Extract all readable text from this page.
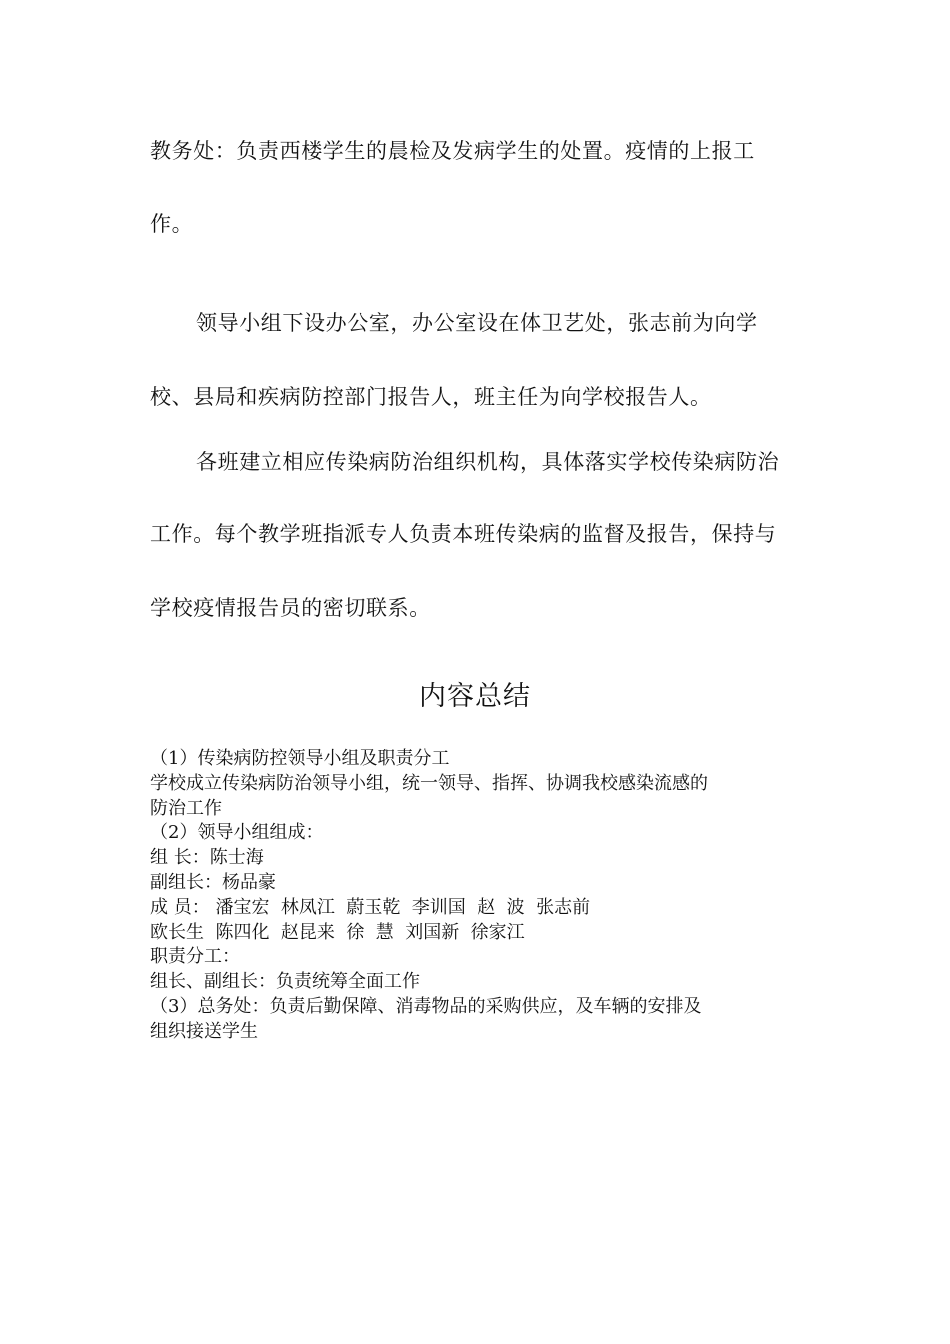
教务处：负责西楼学生的晨检及发病学生的处置。疫情的上报工
作。
领导小组下设办公室，办公室设在体卫艺处，张志前为向学
校、县局和疾病防控部门报告人，班主任为向学校报告人。
各班建立相应传染病防治组织机构，具体落实学校传染病防治
工作。每个教学班指派专人负责本班传染病的监督及报告，保持与
学校疫情报告员的密切联系。
内容总结
（1）传染病防控领导小组及职责分工
学校成立传染病防治领导小组，统一领导、指挥、协调我校感染流感的
防治工作
（2）领导小组组成：
组 长：陈士海
副组长：杨品豪
成 员： 潘宝宏  林凤江  蔚玉乾  李训国  赵  波  张志前
欧长生  陈四化  赵昆来  徐  慧  刘国新  徐家江
职责分工：
组长、副组长：负责统筹全面工作
（3）总务处：负责后勤保障、消毒物品的采购供应，及车辆的安排及
组织接送学生
